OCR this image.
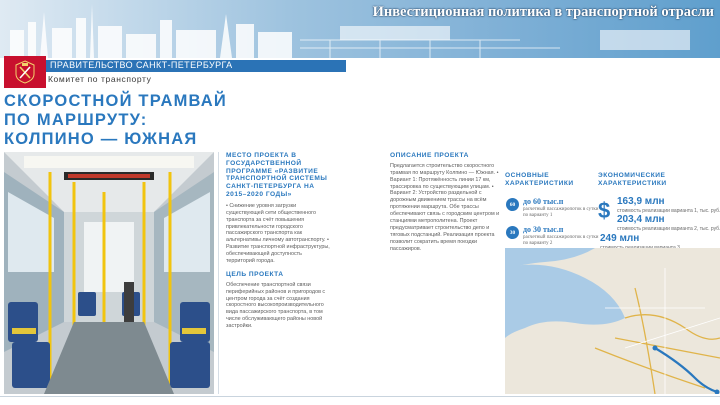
Инвестиционная политика в транспортной отрасли
ПРАВИТЕЛЬСТВО САНКТ-ПЕТЕРБУРГА
Комитет по транспорту
СКОРОСТНОЙ ТРАМВАЙ
ПО МАРШРУТУ:
КОЛПИНО — ЮЖНАЯ
МЕСТО ПРОЕКТА В ГОСУДАРСТВЕННОЙ ПРОГРАММЕ «РАЗВИТИЕ ТРАНСПОРТНОЙ СИСТЕМЫ САНКТ-ПЕТЕРБУРГА НА 2015–2020 ГОДЫ»
• Снижение уровня загрузки существующей сети общественного транспорта за счёт повышения привлекательности городского пассажирского транспорта как альтернативы личному автотранспорту. • Развитие транспортной инфраструктуры, обеспечивающей доступность территорий города.
ЦЕЛЬ ПРОЕКТА
Обеспечение транспортной связи периферийных районов и пригородов с центром города за счёт создания скоростного высокопроизводительного вида пассажирского транспорта, в том числе обслуживающего районы новой застройки.
ОПИСАНИЕ ПРОЕКТА
Предлагается строительство скоростного трамвая по маршруту Колпино — Южная. • Вариант 1: Протяжённость линии 17 км, трассировка по существующим улицам. • Вариант 2: Устройство раздельной с дорожным движением трассы на всём протяжении маршрута. Обе трассы обеспечивают связь с городским центром и станциями метрополитена. Проект предусматривает строительство депо и тяговых подстанций. Реализация проекта позволит сократить время поездки пассажиров.
ОСНОВНЫЕ ХАРАКТЕРИСТИКИ
60 до 60 тыс.п
расчетный пассажиропоток в сутки по варианту 1
30 до 30 тыс.п
расчетный пассажиропоток в сутки по варианту 2
ЭКОНОМИЧЕСКИЕ ХАРАКТЕРИСТИКИ
$ 163,9 млн
стоимость реализации варианта 1, тыс. руб.
203,4 млн
стоимость реализации варианта 2, тыс. руб.
249 млн
